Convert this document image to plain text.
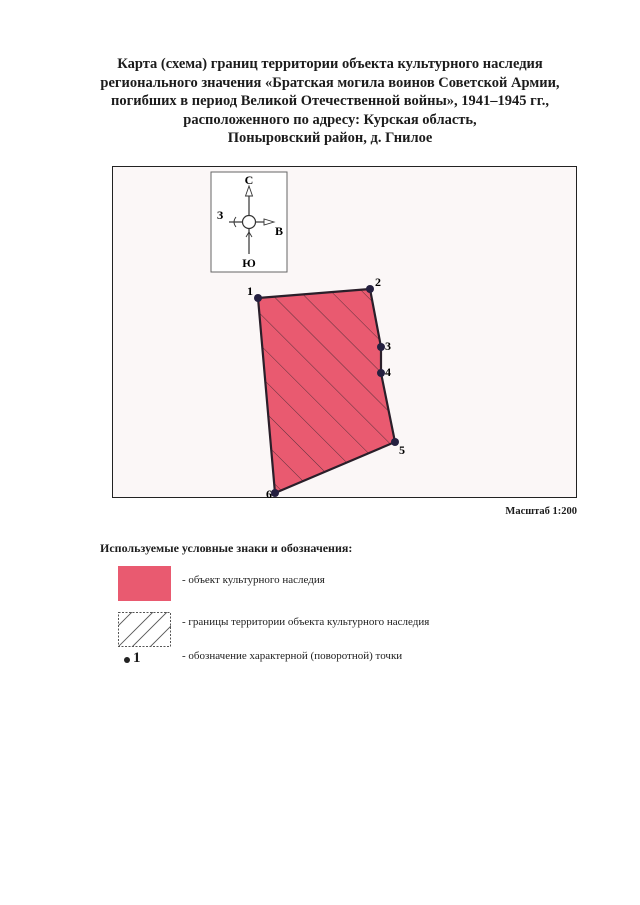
Карта (схема) границ территории объекта культурного наследия
регионального значения «Братская могила воинов Советской Армии,
погибших в период Великой Отечественной войны», 1941–1945 гг.,
расположенного по адресу: Курская область,
Поныровский район, д. Гнилое
С
Ю
З
В
1
2
3
4
5
6
Масштаб 1:200
Используемые условные знаки и обозначения:
- объект культурного наследия
- границы территории объекта культурного наследия
1	- обозначение характерной (поворотной) точки
